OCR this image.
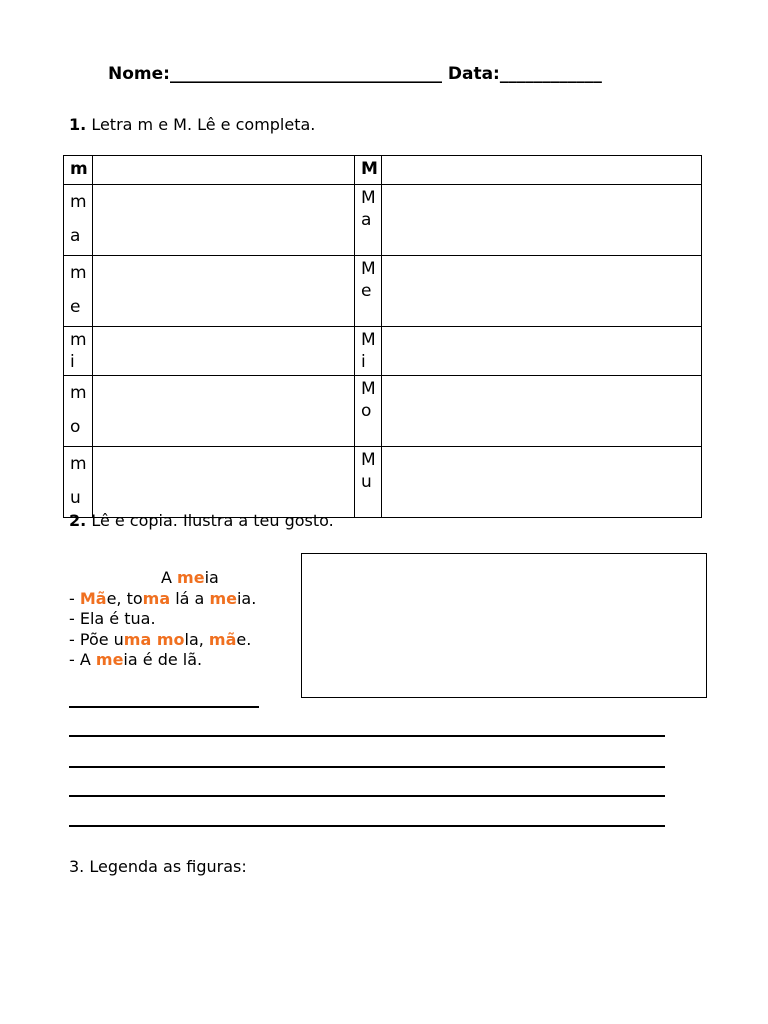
Nome:________________________________ Data:____________
1. Letra m e M. Lê e completa.
m		M	
ma		Ma	
me		Me	
mi		Mi	
mo		Mo	
mu		Mu	
2. Lê e copia. Ilustra a teu gosto.
A meia
- Mãe, toma lá a meia.
- Ela é tua.
- Põe uma mola, mãe.
- A meia é de lã.
3. Legenda as figuras:
